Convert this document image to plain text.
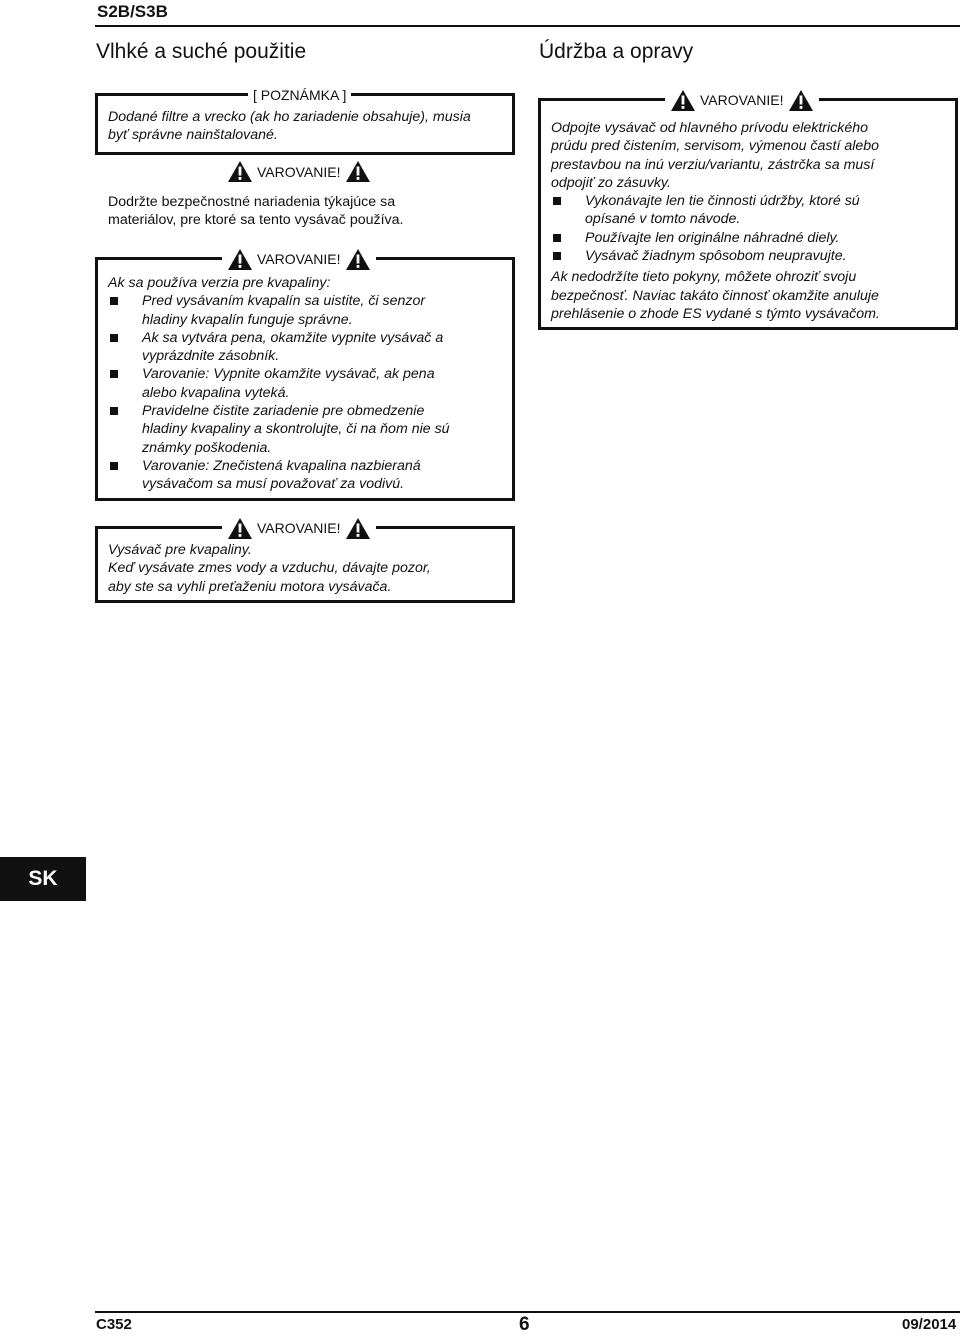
S2B/S3B
Vlhké a suché použitie	Údržba a opravy
[ POZNÁMKA ]

Dodané filtre a vrecko (ak ho zariadenie obsahuje), musia

byť správne nainštalované.

VAROVANIE!

Dodržte bezpečnostné nariadenia týkajúce sa

materiálov, pre ktoré sa tento vysávač používa.

VAROVANIE!

Ak sa používa verzia pre kvapaliny:

Pred vysávaním kvapalín sa uistite, či senzor
hladiny kvapalín funguje správne.
Ak sa vytvára pena, okamžite vypnite vysávač a
vyprázdnite zásobník.
Varovanie: Vypnite okamžite vysávač, ak pena
alebo kvapalina vyteká.
Pravidelne čistite zariadenie pre obmedzenie
hladiny kvapaliny a skontrolujte, či na ňom nie sú
známky poškodenia.
Varovanie: Znečistená kvapalina nazbieraná
vysávačom sa musí považovať za vodivú.
VAROVANIE!

Vysávač pre kvapaliny.

Keď vysávate zmes vody a vzduchu, dávajte pozor,

aby ste sa vyhli preťaženiu motora vysávača.

VAROVANIE!

Odpojte vysávač od hlavného prívodu elektrického

prúdu pred čistením, servisom, výmenou častí alebo

prestavbou na inú verziu/variantu, zástrčka sa musí

odpojiť zo zásuvky.

Vykonávajte len tie činnosti údržby, ktoré sú
opísané v tomto návode.
Používajte len originálne náhradné diely.
Vysávač žiadnym spôsobom neupravujte.

Ak nedodržíte tieto pokyny, môžete ohroziť svoju

bezpečnosť. Naviac takáto činnosť okamžite anuluje

prehlásenie o zhode ES vydané s týmto vysávačom.

SK
C352	6	09/2014
